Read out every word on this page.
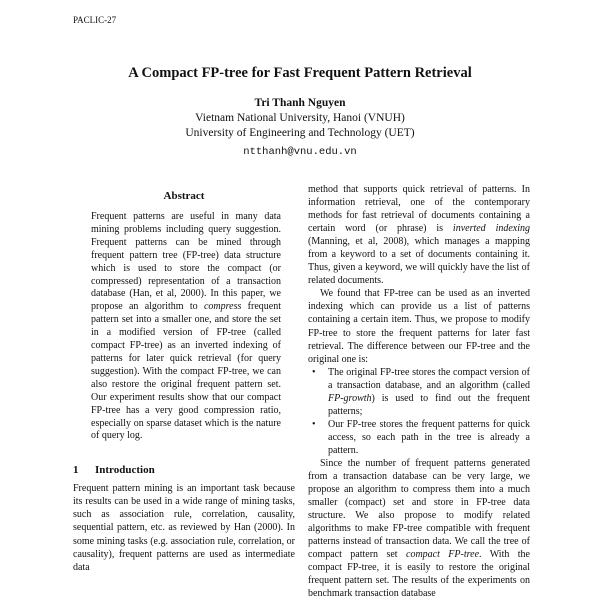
PACLIC-27
A Compact FP-tree for Fast Frequent Pattern Retrieval
Tri Thanh Nguyen
Vietnam National University, Hanoi (VNUH)
University of Engineering and Technology (UET)
ntthanh@vnu.edu.vn
Abstract

Frequent patterns are useful in many data mining problems including query suggestion. Frequent patterns can be mined through frequent pattern tree (FP-tree) data structure which is used to store the compact (or compressed) representation of a transaction database (Han, et al, 2000). In this paper, we propose an algorithm to compress frequent pattern set into a smaller one, and store the set in a modified version of FP-tree (called compact FP-tree) as an inverted indexing of patterns for later quick retrieval (for query suggestion). With the compact FP-tree, we can also restore the original frequent pattern set. Our experiment results show that our compact FP-tree has a very good compression ratio, especially on sparse dataset which is the nature of query log.

1 Introduction

Frequent pattern mining is an important task because its results can be used in a wide range of mining tasks, such as association rule, correlation, causality, sequential pattern, etc. as reviewed by Han (2000). In some mining tasks (e.g. association rule, correlation, or causality), frequent patterns are used as intermediate data

method that supports quick retrieval of patterns. In information retrieval, one of the contemporary methods for fast retrieval of documents containing a certain word (or phrase) is inverted indexing (Manning, et al, 2008), which manages a mapping from a keyword to a set of documents containing it. Thus, given a keyword, we will quickly have the list of related documents.

We found that FP-tree can be used as an inverted indexing which can provide us a list of patterns containing a certain item. Thus, we propose to modify FP-tree to store the frequent patterns for later fast retrieval. The difference between our FP-tree and the original one is:

• The original FP-tree stores the compact version of a transaction database, and an algorithm (called FP-growth) is used to find out the frequent patterns;
• Our FP-tree stores the frequent patterns for quick access, so each path in the tree is already a pattern.

Since the number of frequent patterns generated from a transaction database can be very large, we propose an algorithm to compress them into a much smaller (compact) set and store in FP-tree data structure. We also propose to modify related algorithms to make FP-tree compatible with frequent patterns instead of transaction data. We call the tree of compact pattern set compact FP-tree. With the compact FP-tree, it is easily to restore the original frequent pattern set. The results of the experiments on benchmark transaction database
